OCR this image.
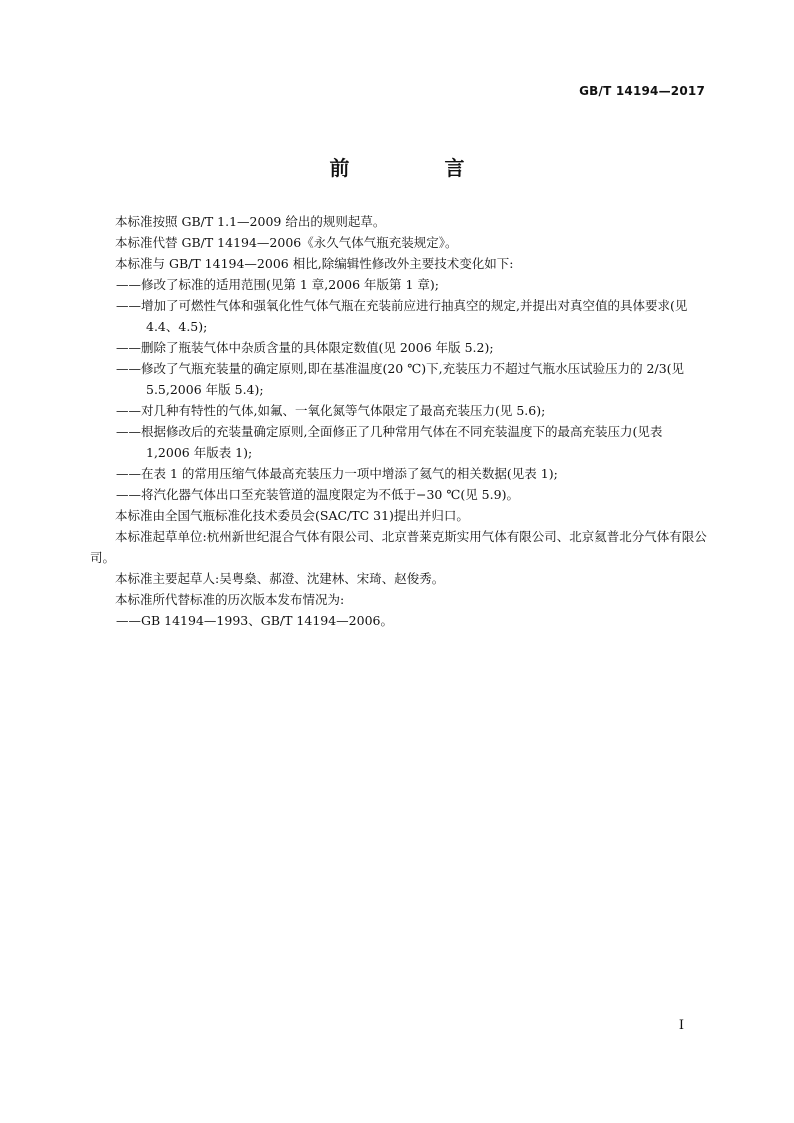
GB/T 14194—2017
前 言

本标准按照 GB/T 1.1—2009 给出的规则起草。

本标准代替 GB/T 14194—2006《永久气体气瓶充装规定》。

本标准与 GB/T 14194—2006 相比,除编辑性修改外主要技术变化如下:

——修改了标准的适用范围(见第 1 章,2006 年版第 1 章);

——增加了可燃性气体和强氧化性气体气瓶在充装前应进行抽真空的规定,并提出对真空值的具体要求(见 4.4、4.5);

——删除了瓶装气体中杂质含量的具体限定数值(见 2006 年版 5.2);

——修改了气瓶充装量的确定原则,即在基准温度(20 ℃)下,充装压力不超过气瓶水压试验压力的 2/3(见 5.5,2006 年版 5.4);

——对几种有特性的气体,如氟、一氧化氮等气体限定了最高充装压力(见 5.6);

——根据修改后的充装量确定原则,全面修正了几种常用气体在不同充装温度下的最高充装压力(见表 1,2006 年版表 1);

——在表 1 的常用压缩气体最高充装压力一项中增添了氦气的相关数据(见表 1);

——将汽化器气体出口至充装管道的温度限定为不低于−30 ℃(见 5.9)。

本标准由全国气瓶标准化技术委员会(SAC/TC 31)提出并归口。

本标准起草单位:杭州新世纪混合气体有限公司、北京普莱克斯实用气体有限公司、北京氦普北分气体有限公司。

本标准主要起草人:吴粤燊、郝澄、沈建林、宋琦、赵俊秀。

本标准所代替标准的历次版本发布情况为:

——GB 14194—1993、GB/T 14194—2006。

I
